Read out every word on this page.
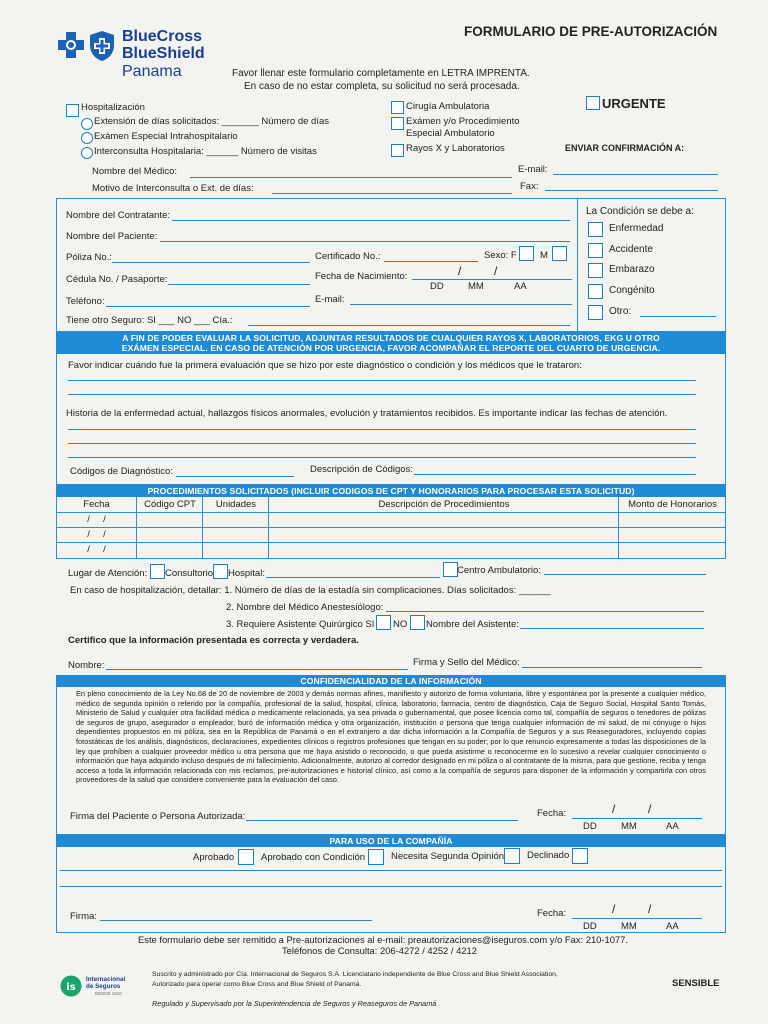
BlueCross
BlueShield
Panama
FORMULARIO DE PRE-AUTORIZACIÓN
Favor llenar este formulario completamente en LETRA IMPRENTA.
En caso de no estar completa, su solicitud no será procesada.
Hospitalización
Extensión de días solicitados: _______ Número de días
Exámen Especial Intrahospitalario
Interconsulta Hospitalaria: ______ Número de visitas
Cirugía Ambulatoria
Exámen y/o Procedimiento
Especial Ambulatorio
Rayos X y Laboratorios
URGENTE
ENVIAR CONFIRMACIÓN A:
Nombre del Médico:	E-mail:
Motivo de Interconsulta o Ext. de días:	Fax:
Nombre del Contratante:
Nombre del Paciente:
Póliza No.:	Certificado No.:	Sexo: F M
Cédula No. / Pasaporte:	Fecha de Nacimiento:	/	/
DD	MM	AA
Teléfono:	E-mail:
Tiene otro Seguro: SI ___ NO ___ Cía.:
La Condición se debe a:
A FIN DE PODER EVALUAR LA SOLICITUD, ADJUNTAR RESULTADOS DE CUALQUIER RAYOS X, LABORATORIOS, EKG U OTRO
EXÁMEN ESPECIAL. EN CASO DE ATENCIÓN POR URGENCIA, FAVOR ACOMPAÑAR EL REPORTE DEL CUARTO DE URGENCIA.
Favor indicar cuándo fue la primera evaluación que se hizo por este diagnóstico o condición y los médicos que le trataron:
Historia de la enfermedad actual, hallazgos físicos anormales, evolución y tratamientos recibidos. Es importante indicar las fechas de atención.
Códigos de Diagnóstico:	Descripción de Códigos:
PROCEDIMIENTOS SOLICITADOS (INCLUIR CODIGOS DE CPT Y HONORARIOS PARA PROCESAR ESTA SOLICITUD)
Lugar de Atención: Consultorio Hospital:	Centro Ambulatorio:
En caso de hospitalización, detallar: 1. Número de días de la estadía sin complicaciones. Días solicitados: ______
2. Nombre del Médico Anestesiólogo:
3. Requiere Asistente Quirúrgico SI NO Nombre del Asistente:
Certifico que la información presentada es correcta y verdadera.
Nombre:	Firma y Sello del Médico:
CONFIDENCIALIDAD DE LA INFORMACIÓN
En pleno conocimiento de la Ley No.68 de 20 de noviembre de 2003 y demás normas afines, manifiesto y autorizo de forma voluntaria, libre y espontánea por la presente a cualquier médico, médico de segunda opinión o referido por la compañía, profesional de la salud, hospital, clínica, laboratorio, farmacia, centro de diagnóstico, Caja de Seguro Social, Hospital Santo Tomás, Ministerio de Salud y cualquier otra facilidad médica o medicamente relacionada, ya sea privada o gubernamental, que posee licencia como tal, compañía de seguros o tenedores de pólizas de seguros de grupo, asegurador o empleador, buró de información médica y otra organización, institución o persona que tenga cualquier información de mi salud, de mi cónyuge o hijos dependientes propuestos en mi póliza, sea en la República de Panamá o en el extranjero a dar dicha información a la Compañía de Seguros y a sus Reaseguradores, incluyendo copias fotostáticas de los análisis, diagnósticos, declaraciones, expedientes clínicos o registros profesiones que tengan en su poder; por lo que renuncio expresamente a todas las disposiciones de la ley que prohíben a cualquier proveedor médico u otra persona que me haya asistido o reconocido, o que pueda asistirme o reconocerme en lo sucesivo a revelar cualquier conocimiento o información que haya adquirido incluso después de mi fallecimiento. Adicionalmente, autorizo al corredor designado en mi póliza o al contratante de la misma, para que gestione, reciba y tenga acceso a toda la información relacionada con mis reclamos, pre-autorizaciones e historial clínico, así como a la compañía de seguros para disponer de la información y compartirla con otros proveedores de la salud que considere conveniente para la evaluación del caso.
Firma del Paciente o Persona Autorizada:	Fecha:	/	/
DD	MM	AA
PARA USO DE LA COMPAÑÍA
Aprobado	Aprobado con Condición	Necesita Segunda Opinión Declinado
Firma:	Fecha:	/	/
DD	MM	AA
Este formulario debe ser remitido a Pre-autorizaciones al e-mail: preautorizaciones@iseguros.com y/o Fax: 210-1077.
Teléfonos de Consulta: 206-4272 / 4252 / 4212
is
Internacional de Seguros
DESDE 1910
Suscrito y administrado por Cía. Internacional de Seguros S.A. Licenciatario independiente de Blue Cross and Blue Shield Association,
Autorizado para operar como Blue Cross and Blue Shield of Panamá.
Regulado y Supervisado por la Superintendencia de Seguros y Reaseguros de Panamá
SENSIBLE
Enfermedad
Accidente
Embarazo
Congénito
Otro:
Fecha	Código CPT	Unidades	Descripción de Procedimientos	Monto de Honorarios
/     /
/     /
/     /
